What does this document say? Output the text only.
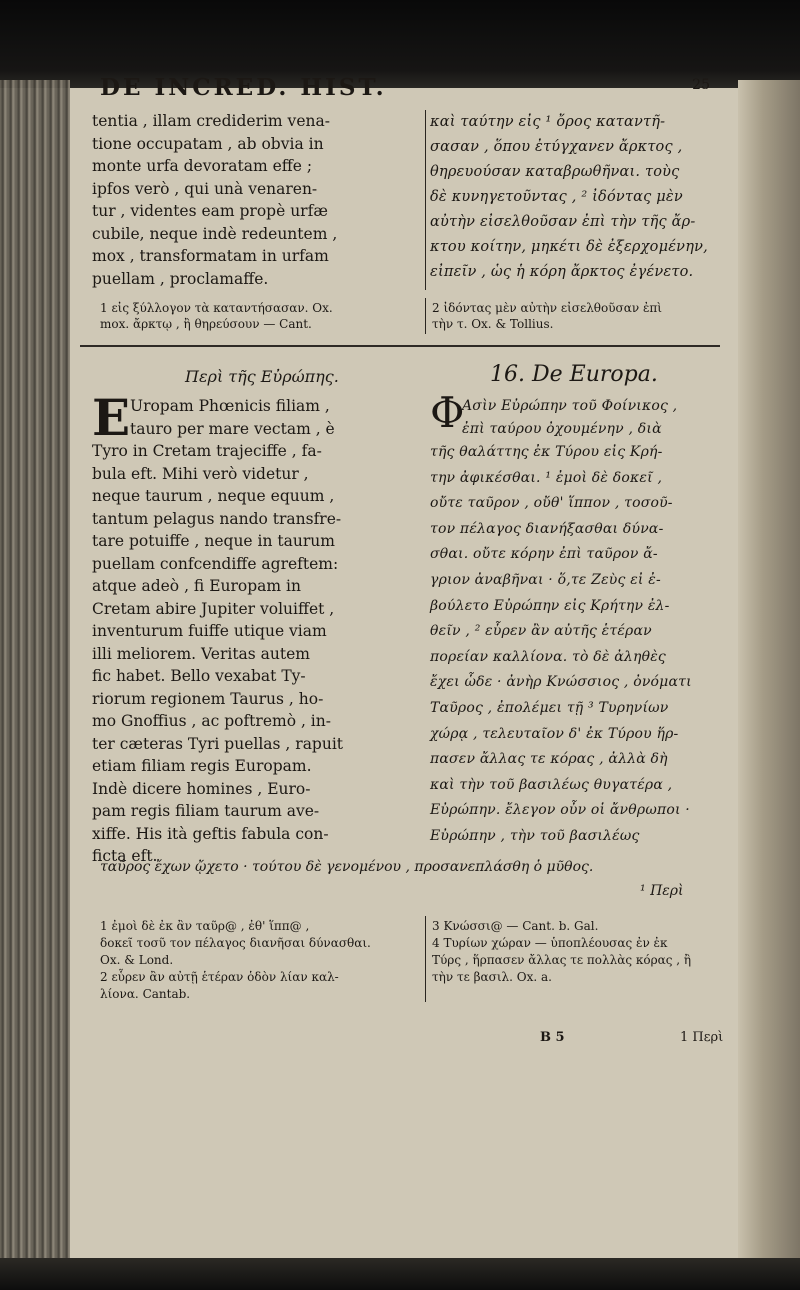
DE INCRED. HIST.	25
tentia , illam crediderim vena-
tione occupatam , ab obvia in
monte urfa devoratam effe ;
ipfos verò , qui unà venaren-
tur , videntes eam propè urfæ
cubile, neque indè redeuntem ,
mox , transformatam in urfam
puellam , proclamaffe.
καὶ ταύτην εἰς ¹ ὄρος καταντῆ-
σασαν , ὅπου ἐτύγχανεν ἄρκτος ,
θηρευούσαν καταβρωθῆναι. τοὺς
δὲ κυνηγετοῦντας , ² ἰδόντας μὲν
αὐτὴν εἰσελθοῦσαν ἐπὶ τὴν τῆς ἄρ-
κτου κοίτην, μηκέτι δὲ ἐξερχομένην,
εἰπεῖν , ὡς ἡ κόρη ἄρκτος ἐγένετο.
1 εἰς ξύλλογον τὰ καταντήσασαν. Ox.
mox. ἄρκτῳ , ἢ θηρεύσουν — Cant.
2 ἰδόντας μὲν αὐτὴν εἰσελθοῦσαν ἐπὶ
τὴν τ. Ox. & Tollius.
Περὶ τῆς Εὐρώπης.	16. De Europa.
E Uropam Phœnicis filiam ,
tauro per mare vectam , è
Tyro in Cretam trajeciffe , fa-
bula eft. Mihi verò videtur ,
neque taurum , neque equum ,
tantum pelagus nando transfre-
tare potuiffe , neque in taurum
puellam confcendiffe agreftem:
atque adeò , fi Europam in
Cretam abire Jupiter voluiffet ,
inventurum fuiffe utique viam
illi meliorem. Veritas autem
fic habet. Bello vexabat Ty-
riorum regionem Taurus , ho-
mo Gnoffius , ac poftremò , in-
ter cæteras Tyri puellas , rapuit
etiam filiam regis Europam.
Indè dicere homines , Euro-
pam regis filiam taurum ave-
xiffe. His ità geftis fabula con-
ficta eft.
Φ
Ασὶν Εὐρώπην τοῦ Φοίνικος ,
ἐπὶ ταύρου ὀχουμένην , διὰ
τῆς θαλάττης ἐκ Τύρου εἰς Κρή-
την ἀφικέσθαι. ¹ ἐμοὶ δὲ δοκεῖ ,
οὔτε ταῦρον , οὔθ' ἵππον , τοσοῦ-
τον πέλαγος διανήξασθαι δύνα-
σθαι. οὔτε κόρην ἐπὶ ταῦρον ἄ-
γριον ἀναβῆναι · ὅ,τε Ζεὺς εἰ ἐ-
βούλετο Εὐρώπην εἰς Κρήτην ἐλ-
θεῖν , ² εὗρεν ἂν αὐτῆς ἑτέραν
πορείαν καλλίονα. τὸ δὲ ἀληθὲς
ἔχει ὧδε · ἀνὴρ Κνώσσιος , ὀνόματι
Ταῦρος , ἐπολέμει τῇ ³ Τυρηνίων
χώρᾳ , τελευταῖον δ' ἐκ Τύρου ἥρ-
πασεν ἄλλας τε κόρας , ἀλλὰ δὴ
καὶ τὴν τοῦ βασιλέως θυγατέρα ,
Εὐρώπην. ἔλεγον οὖν οἱ ἄνθρωποι ·
Εὐρώπην , τὴν τοῦ βασιλέως
ταῦρος ἔχων ᾤχετο · τούτου δὲ γενομένου , προσανεπλάσθη ὁ μῦθος.
¹ Περὶ
1 ἐμοὶ δὲ ἐκ ἂν ταῦρ@ , ἐθ' ἵππ@ ,
δοκεῖ τοσῦ τον πέλαγος διανῆσαι δύνασθαι.
Ox. & Lond.
2 εὗρεν ἂν αὐτῇ ἑτέραν ὁδὸν λίαν καλ-
λίονα. Cantab.
3 Κνώσσι@ — Cant. b. Gal.
4 Τυρίων χώραν — ὑποπλέουσας ἐν ἐκ
Τύρς , ἥρπασεν ἄλλας τε πολλὰς κόρας , ἢ
τὴν τε βασιλ. Ox. a.
B 5	1 Περὶ
